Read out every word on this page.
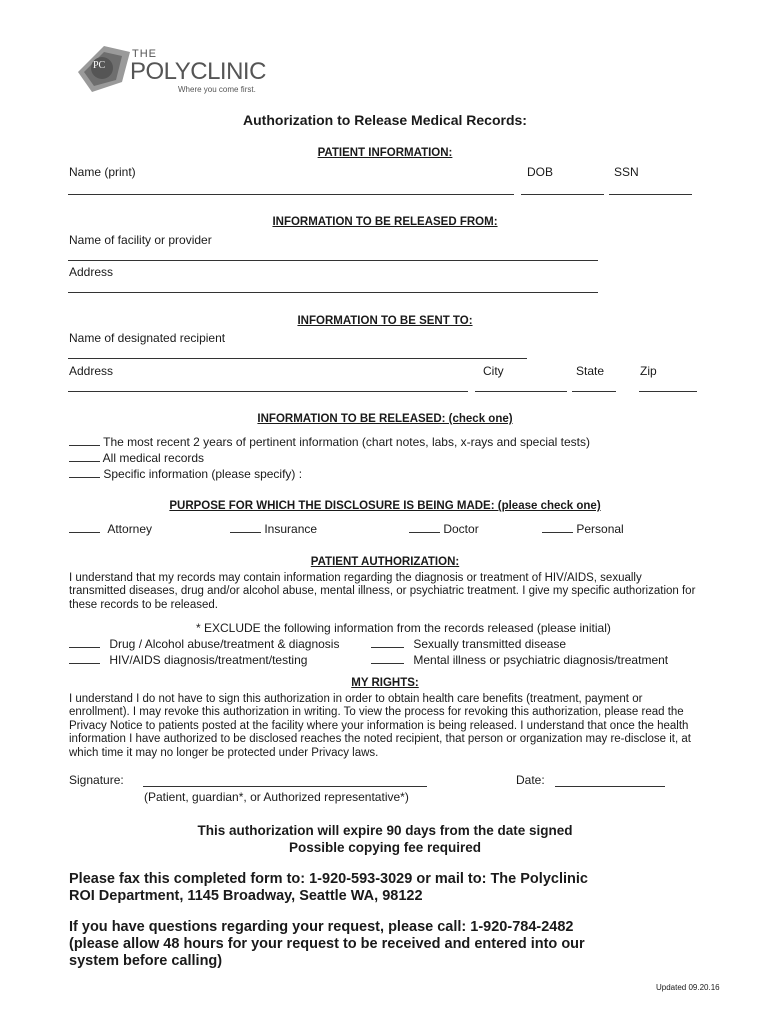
PC
THE
POLYCLINIC
Where you come first.
Authorization to Release Medical Records:
PATIENT INFORMATION:
Name (print)	DOB	SSN
INFORMATION TO BE RELEASED FROM:
Name of facility or provider
Address
INFORMATION TO BE SENT TO:
Name of designated recipient
Address	City	State	Zip
INFORMATION TO BE RELEASED: (check one)
The most recent 2 years of pertinent information (chart notes, labs, x-rays and special tests)
All medical records
Specific information (please specify) :
PURPOSE FOR WHICH THE DISCLOSURE IS BEING MADE: (please check one)
Attorney	Insurance	Doctor	Personal
PATIENT AUTHORIZATION:
I understand that my records may contain information regarding the diagnosis or treatment of HIV/AIDS, sexually transmitted diseases, drug and/or alcohol abuse, mental illness, or psychiatric treatment. I give my specific authorization for these records to be released.
* EXCLUDE the following information from the records released (please initial)
Drug / Alcohol abuse/treatment & diagnosis	Sexually transmitted disease
HIV/AIDS diagnosis/treatment/testing	Mental illness or psychiatric diagnosis/treatment
MY RIGHTS:
I understand I do not have to sign this authorization in order to obtain health care benefits (treatment, payment or enrollment). I may revoke this authorization in writing. To view the process for revoking this authorization, please read the Privacy Notice to patients posted at the facility where your information is being released. I understand that once the health information I have authorized to be disclosed reaches the noted recipient, that person or organization may re-disclose it, at which time it may no longer be protected under Privacy laws.
Signature:	Date:
(Patient, guardian*, or Authorized representative*)
This authorization will expire 90 days from the date signed
Possible copying fee required
Please fax this completed form to: 1-920-593-3029 or mail to: The Polyclinic
ROI Department, 1145 Broadway, Seattle WA, 98122
If you have questions regarding your request, please call: 1-920-784-2482
(please allow 48 hours for your request to be received and entered into our
system before calling)
Updated 09.20.16
